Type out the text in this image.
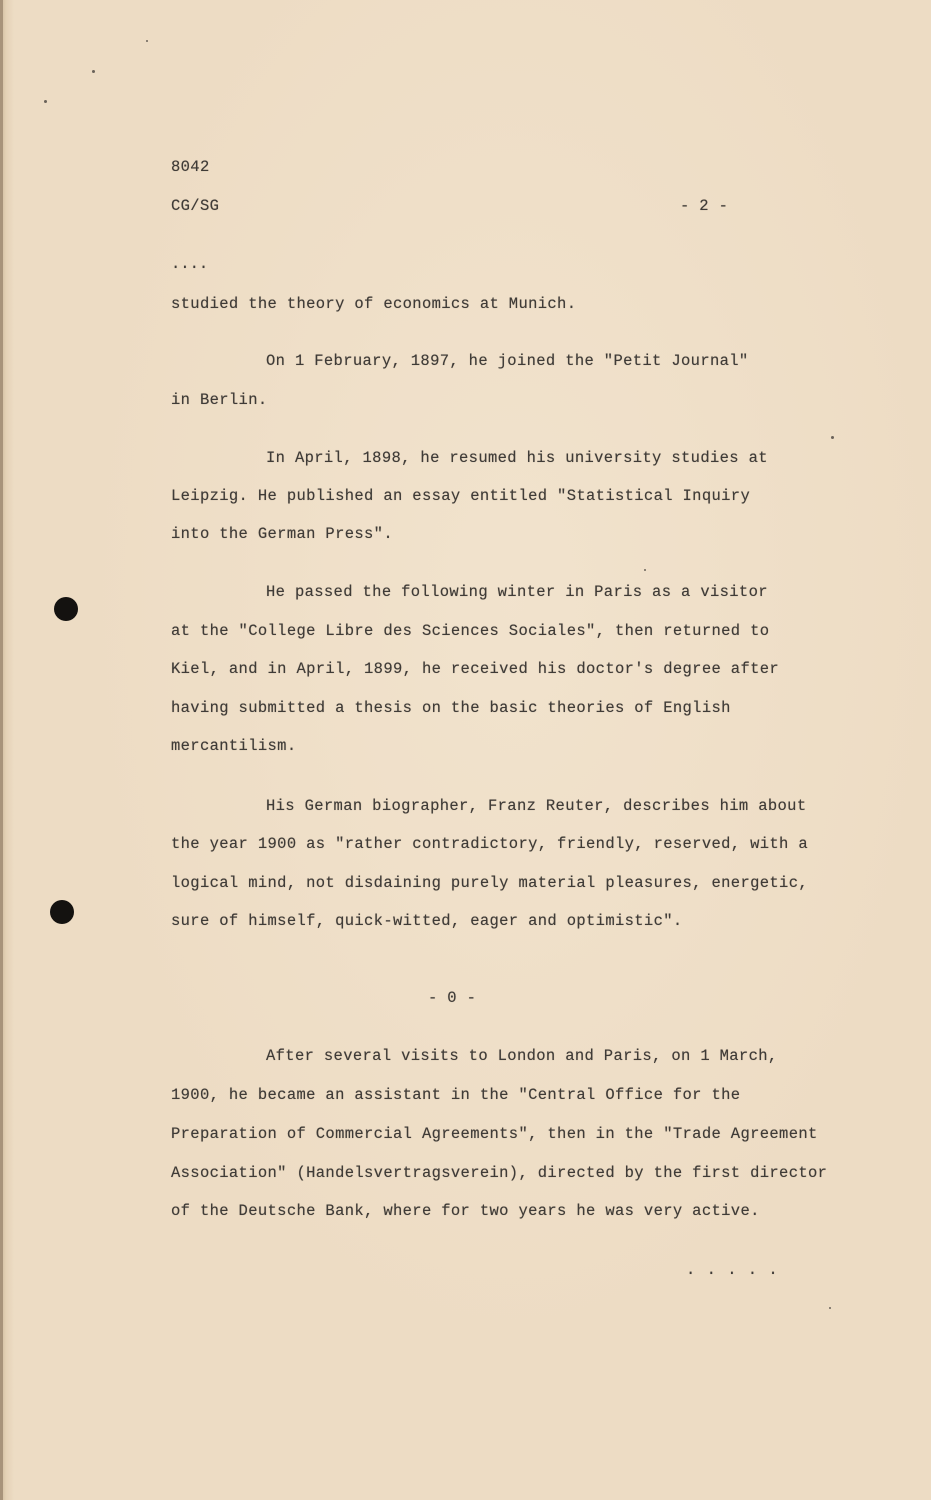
8042
CG/SG	- 2 -
....
studied the theory of economics at Munich.
On 1 February, 1897, he joined the "Petit Journal"
in Berlin.
In April, 1898, he resumed his university studies at
Leipzig. He published an essay entitled "Statistical Inquiry
into the German Press".
He passed the following winter in Paris as a visitor
at the "College Libre des Sciences Sociales", then returned to
Kiel, and in April, 1899, he received his doctor's degree after
having submitted a thesis on the basic theories of English
mercantilism.
His German biographer, Franz Reuter, describes him about
the year 1900 as "rather contradictory, friendly, reserved, with a
logical mind, not disdaining purely material pleasures, energetic,
sure of himself, quick-witted, eager and optimistic".
- 0 -
After several visits to London and Paris, on 1 March,
1900, he became an assistant in the "Central Office for the
Preparation of Commercial Agreements", then in the "Trade Agreement
Association" (Handelsvertragsverein), directed by the first director
of the Deutsche Bank, where for two years he was very active.
. . . . .
